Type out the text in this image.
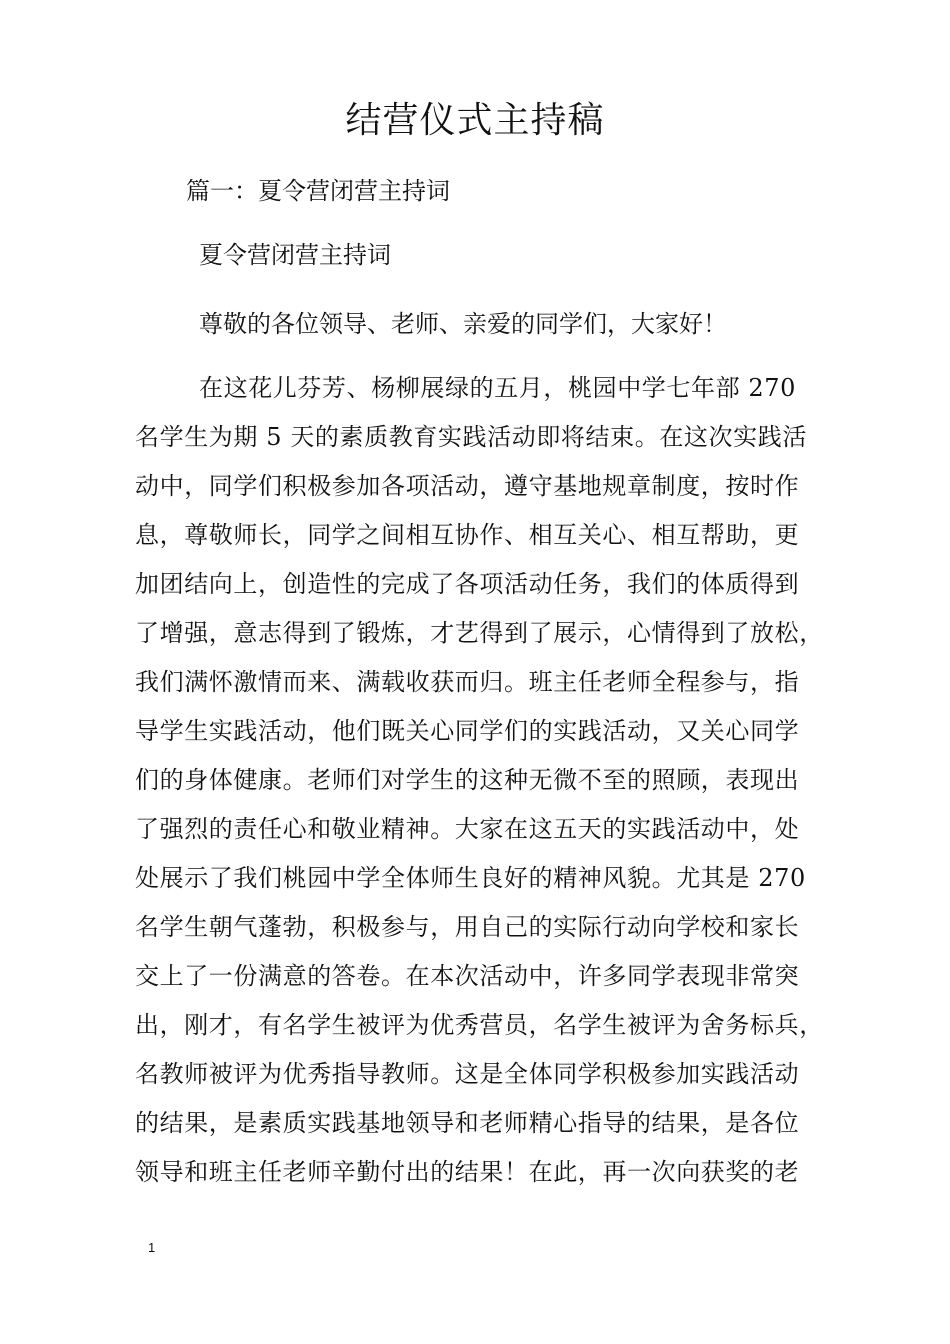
结营仪式主持稿

篇一：夏令营闭营主持词

夏令营闭营主持词

尊敬的各位领导、老师、亲爱的同学们，大家好！

在这花儿芬芳、杨柳展绿的五月，桃园中学七年部 270
名学生为期 5 天的素质教育实践活动即将结束。在这次实践活
动中，同学们积极参加各项活动，遵守基地规章制度，按时作
息，尊敬师长，同学之间相互协作、相互关心、相互帮助，更
加团结向上，创造性的完成了各项活动任务，我们的体质得到
了增强，意志得到了锻炼，才艺得到了展示，心情得到了放松，
我们满怀激情而来、满载收获而归。班主任老师全程参与，指
导学生实践活动，他们既关心同学们的实践活动，又关心同学
们的身体健康。老师们对学生的这种无微不至的照顾，表现出
了强烈的责任心和敬业精神。大家在这五天的实践活动中，处
处展示了我们桃园中学全体师生良好的精神风貌。尤其是 270
名学生朝气蓬勃，积极参与，用自己的实际行动向学校和家长
交上了一份满意的答卷。在本次活动中，许多同学表现非常突
出，刚才，有名学生被评为优秀营员，名学生被评为舍务标兵，
名教师被评为优秀指导教师。这是全体同学积极参加实践活动
的结果，是素质实践基地领导和老师精心指导的结果，是各位
领导和班主任老师辛勤付出的结果！在此，再一次向获奖的老
1
